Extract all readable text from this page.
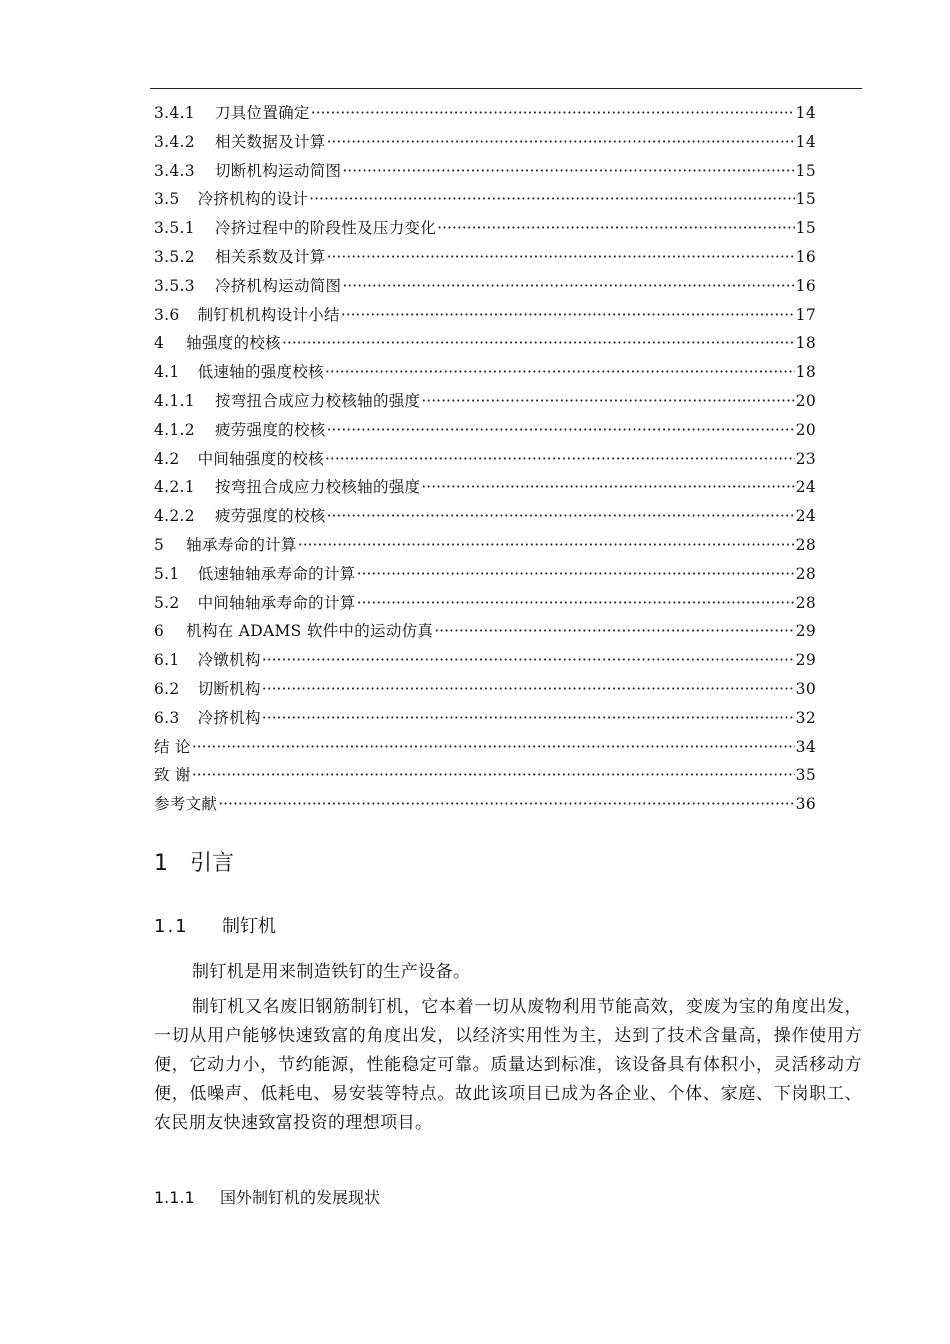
3.4.1 刀具位置确定 ·····	14
3.4.2 相关数据及计算 ·····	14
3.4.3 切断机构运动简图 ·····	15
3.5 冷挤机构的设计 ·····	15
3.5.1 冷挤过程中的阶段性及压力变化 ·····	15
3.5.2 相关系数及计算 ·····	16
3.5.3 冷挤机构运动简图 ·····	16
3.6 制钉机机构设计小结 ·····	17
4 轴强度的校核 ·····	18
4.1 低速轴的强度校核 ·····	18
4.1.1 按弯扭合成应力校核轴的强度 ·····	20
4.1.2 疲劳强度的校核 ·····	20
4.2 中间轴强度的校核 ·····	23
4.2.1 按弯扭合成应力校核轴的强度 ·····	24
4.2.2 疲劳强度的校核 ·····	24
5 轴承寿命的计算 ·····	28
5.1 低速轴轴承寿命的计算 ·····	28
5.2 中间轴轴承寿命的计算 ·····	28
6 机构在 ADAMS 软件中的运动仿真 ·····	29
6.1 冷镦机构 ·····	29
6.2 切断机构 ·····	30
6.3 冷挤机构 ·····	32
结 论 ·····	34
致 谢 ·····	35
参考文献 ·····	36
1 引言
1.1 制钉机
制钉机是用来制造铁钉的生产设备。
制钉机又名废旧钢筋制钉机，它本着一切从废物利用节能高效，变废为宝的角度出发，一切从用户能够快速致富的角度出发，以经济实用性为主，达到了技术含量高，操作使用方便，它动力小，节约能源，性能稳定可靠。质量达到标准，该设备具有体积小，灵活移动方便，低噪声、低耗电、易安装等特点。故此该项目已成为各企业、个体、家庭、下岗职工、农民朋友快速致富投资的理想项目。
1.1.1 国外制钉机的发展现状
